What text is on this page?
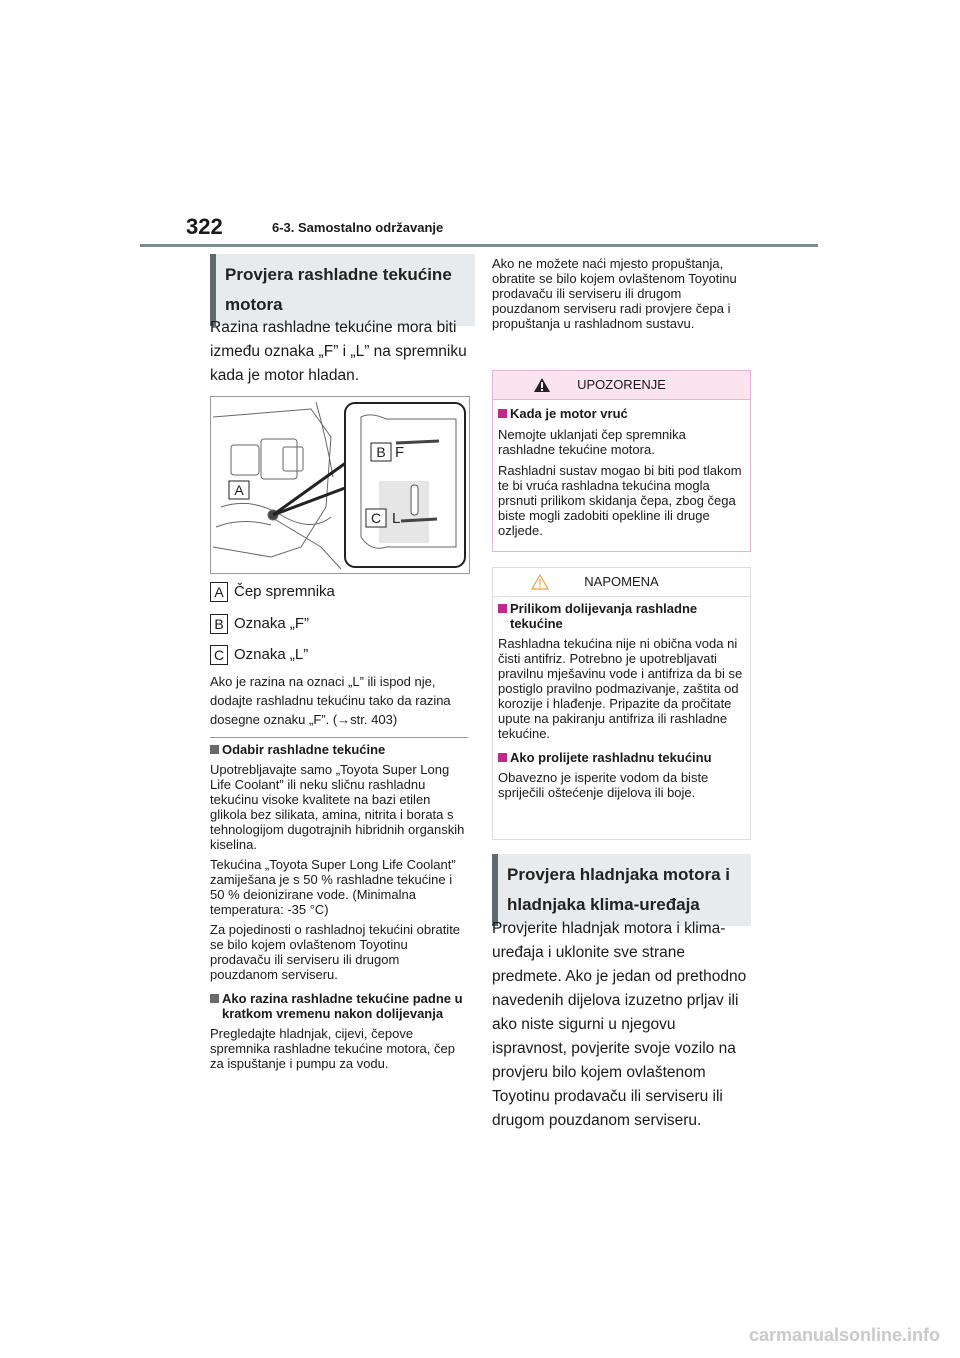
322	6-3. Samostalno održavanje
Provjera rashladne tekućine motora

Razina rashladne tekućine mora biti između oznaka „F” i „L” na spremniku kada je motor hladan.

A
B F
C L
A Čep spremnika
B Oznaka „F”
C Oznaka „L”

Ako je razina na oznaci „L” ili ispod nje, dodajte rashladnu tekućinu tako da razina dosegne oznaku „F”. (→str. 403)

Odabir rashladne tekućine

Upotrebljavajte samo „Toyota Super Long Life Coolant” ili neku sličnu rashladnu tekućinu visoke kvalitete na bazi etilen glikola bez silikata, amina, nitrita i borata s tehnologijom dugotrajnih hibridnih organskih kiselina.

Tekućina „Toyota Super Long Life Coolant” zamiješana je s 50 % rashladne tekućine i 50 % deionizirane vode. (Minimalna temperatura: -35 °C)

Za pojedinosti o rashladnoj tekućini obratite se bilo kojem ovlaštenom Toyotinu prodavaču ili serviseru ili drugom pouzdanom serviseru.

Ako razina rashladne tekućine padne u kratkom vremenu nakon dolijevanja

Pregledajte hladnjak, cijevi, čepove spremnika rashladne tekućine motora, čep za ispuštanje i pumpu za vodu.

Ako ne možete naći mjesto propuštanja, obratite se bilo kojem ovlaštenom Toyotinu prodavaču ili serviseru ili drugom pouzdanom serviseru radi provjere čepa i propuštanja u rashladnom sustavu.

UPOZORENJE
Kada je motor vruć

Nemojte uklanjati čep spremnika rashladne tekućine motora.

Rashladni sustav mogao bi biti pod tlakom te bi vruća rashladna tekućina mogla prsnuti prilikom skidanja čepa, zbog čega biste mogli zadobiti opekline ili druge ozljede.

NAPOMENA
Prilikom dolijevanja rashladne tekućine

Rashladna tekućina nije ni obična voda ni čisti antifriz. Potrebno je upotrebljavati pravilnu mješavinu vode i antifriza da bi se postiglo pravilno podmazivanje, zaštita od korozije i hlađenje. Pripazite da pročitate upute na pakiranju antifriza ili rashladne tekućine.

Ako prolijete rashladnu tekućinu

Obavezno je isperite vodom da biste spriječili oštećenje dijelova ili boje.

Provjera hladnjaka motora i hladnjaka klima-uređaja

Provjerite hladnjak motora i klima-uređaja i uklonite sve strane predmete. Ako je jedan od prethodno navedenih dijelova izuzetno prljav ili ako niste sigurni u njegovu ispravnost, povjerite svoje vozilo na provjeru bilo kojem ovlaštenom Toyotinu prodavaču ili serviseru ili drugom pouzdanom serviseru.

carmanualsonline.info
